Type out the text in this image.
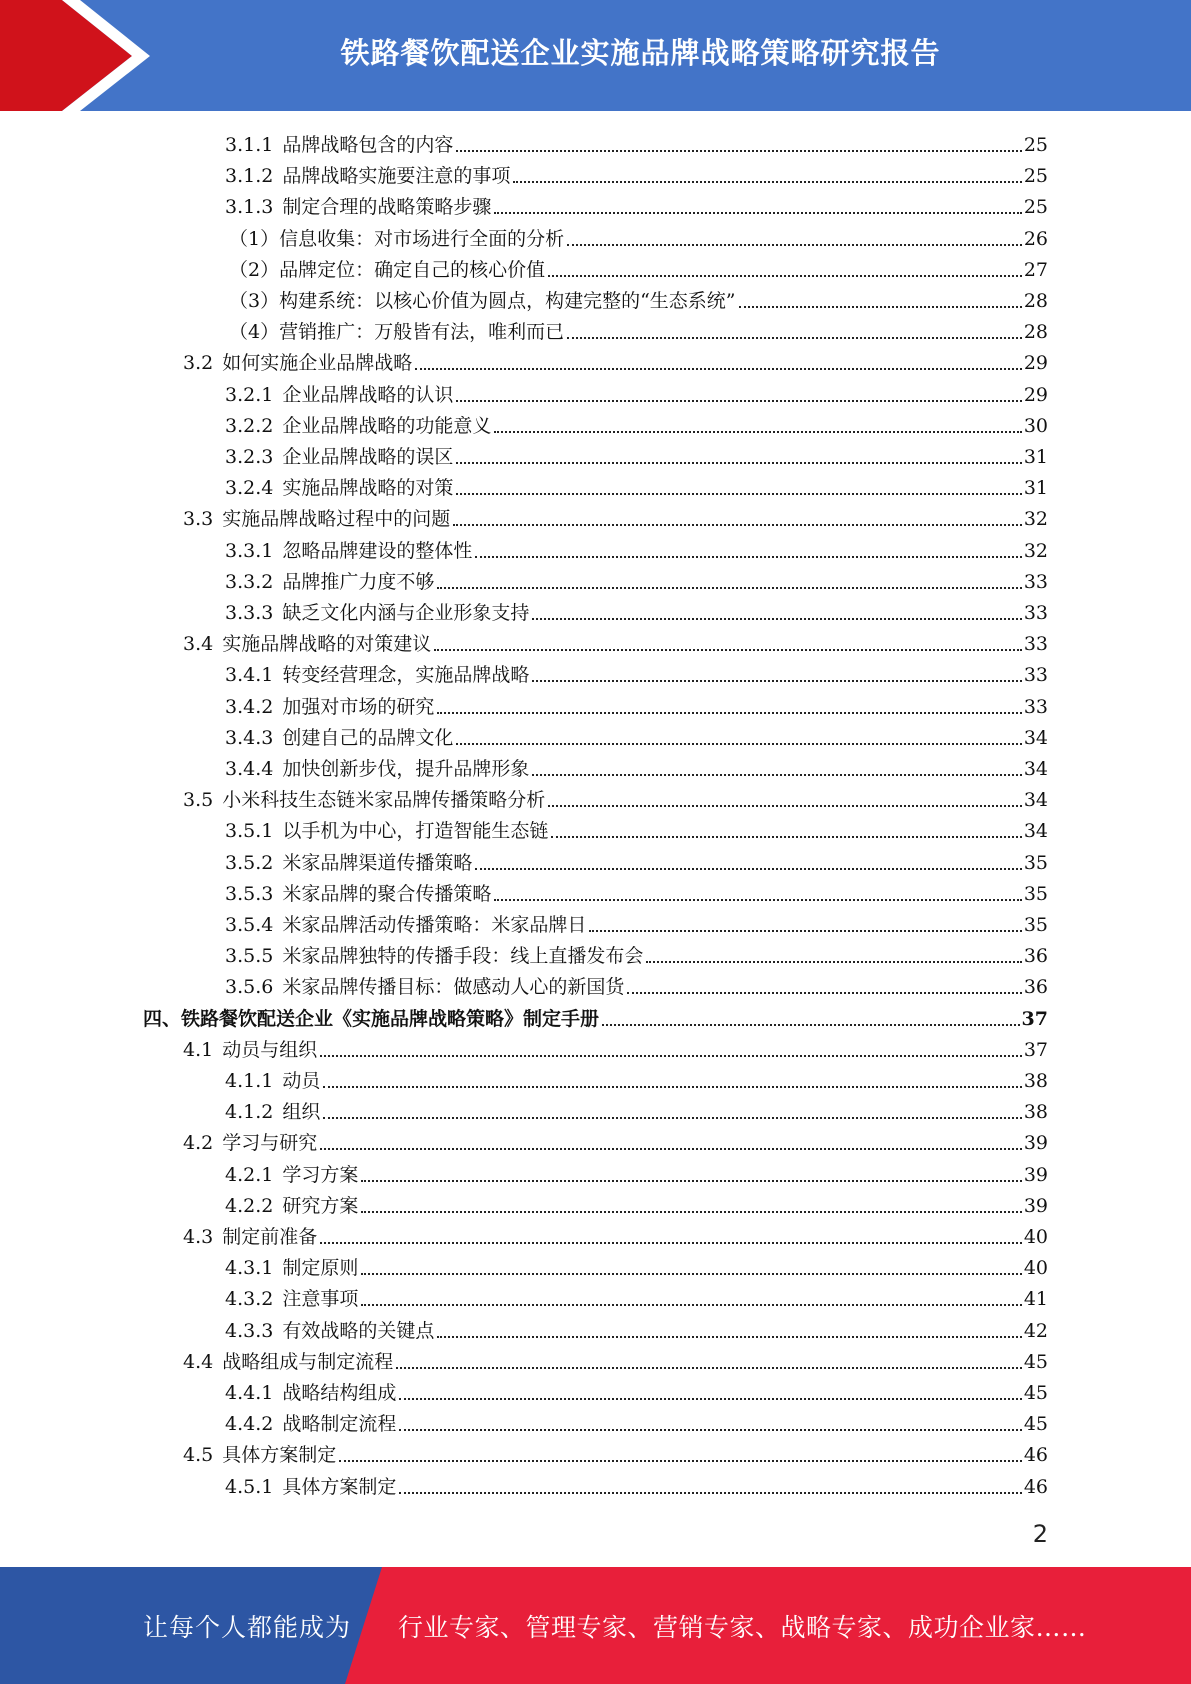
铁路餐饮配送企业实施品牌战略策略研究报告
3.1.1 品牌战略包含的内容	25
3.1.2 品牌战略实施要注意的事项	25
3.1.3 制定合理的战略策略步骤	25
（1）信息收集：对市场进行全面的分析	26
（2）品牌定位：确定自己的核心价值	27
（3）构建系统：以核心价值为圆点，构建完整的“生态系统”	28
（4）营销推广：万般皆有法，唯利而已	28
3.2 如何实施企业品牌战略	29
3.2.1 企业品牌战略的认识	29
3.2.2 企业品牌战略的功能意义	30
3.2.3 企业品牌战略的误区	31
3.2.4 实施品牌战略的对策	31
3.3 实施品牌战略过程中的问题	32
3.3.1 忽略品牌建设的整体性	32
3.3.2 品牌推广力度不够	33
3.3.3 缺乏文化内涵与企业形象支持	33
3.4 实施品牌战略的对策建议	33
3.4.1 转变经营理念，实施品牌战略	33
3.4.2 加强对市场的研究	33
3.4.3 创建自己的品牌文化	34
3.4.4 加快创新步伐，提升品牌形象	34
3.5 小米科技生态链米家品牌传播策略分析	34
3.5.1 以手机为中心，打造智能生态链	34
3.5.2 米家品牌渠道传播策略	35
3.5.3 米家品牌的聚合传播策略	35
3.5.4 米家品牌活动传播策略：米家品牌日	35
3.5.5 米家品牌独特的传播手段：线上直播发布会	36
3.5.6 米家品牌传播目标：做感动人心的新国货	36
四、铁路餐饮配送企业《实施品牌战略策略》制定手册	37
4.1 动员与组织	37
4.1.1 动员	38
4.1.2 组织	38
4.2 学习与研究	39
4.2.1 学习方案	39
4.2.2 研究方案	39
4.3 制定前准备	40
4.3.1 制定原则	40
4.3.2 注意事项	41
4.3.3 有效战略的关键点	42
4.4 战略组成与制定流程	45
4.4.1 战略结构组成	45
4.4.2 战略制定流程	45
4.5 具体方案制定	46
4.5.1 具体方案制定	46
2
让每个人都能成为 行业专家、管理专家、营销专家、战略专家、成功企业家……
